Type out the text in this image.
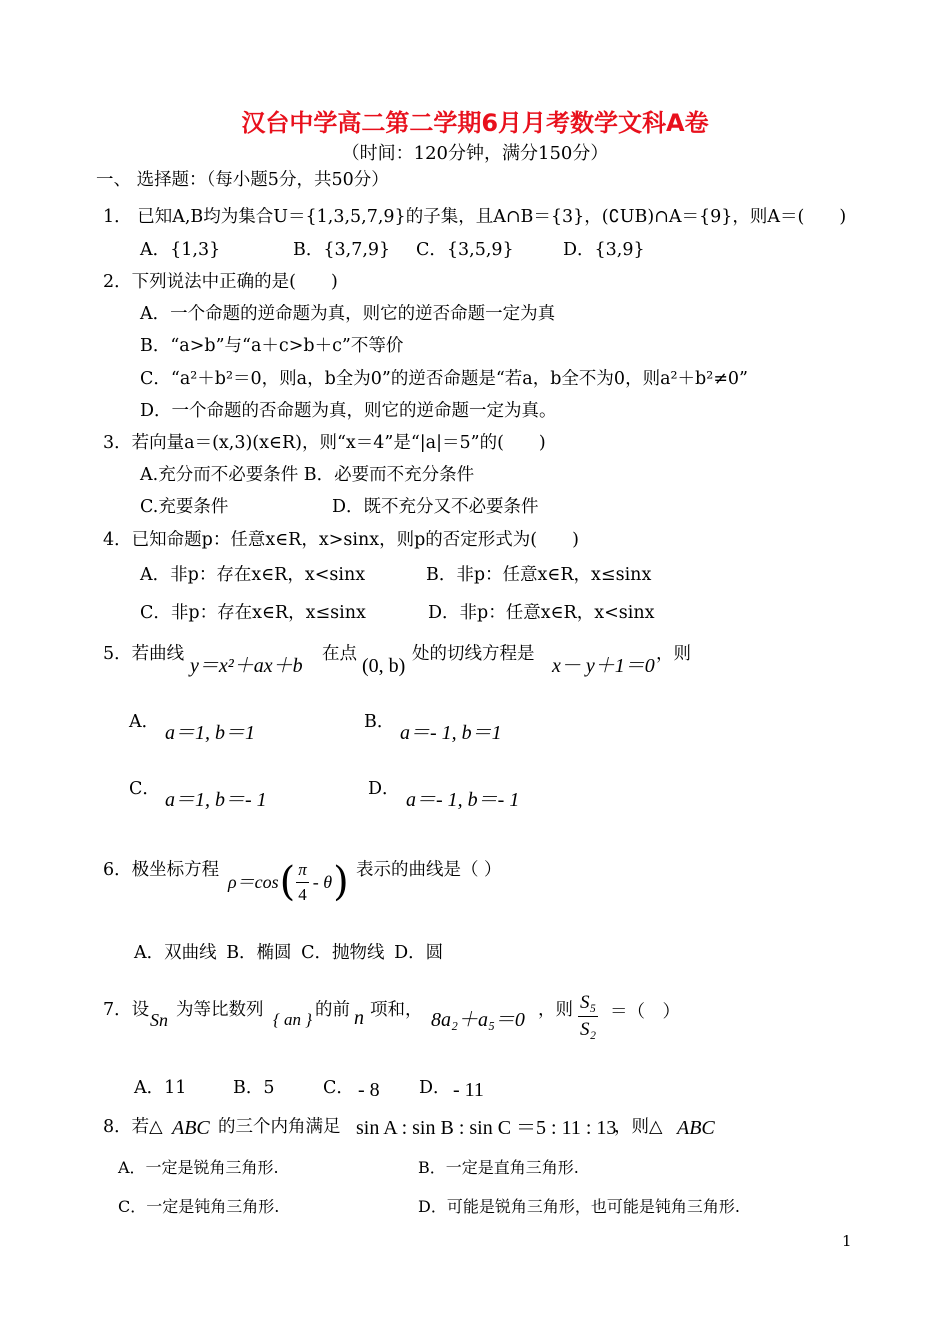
汉台中学高二第二学期6月月考数学文科A卷
（时间：120分钟，满分150分）
一、 选择题：（每小题5分，共50分）
1． 已知A,B均为集合U＝{1,3,5,7,9}的子集，且A∩B＝{3}，(∁UB)∩A＝{9}，则A＝(　　)
A．{1,3}	B．{3,7,9} C．{3,5,9}	D．{3,9}
2．下列说法中正确的是(　　)
A．一个命题的逆命题为真，则它的逆否命题一定为真
B．“a>b”与“a＋c>b＋c”不等价
C．“a²＋b²＝0，则a，b全为0”的逆否命题是“若a，b全不为0，则a²＋b²≠0”
D．一个命题的否命题为真，则它的逆命题一定为真。
3．若向量a＝(x,3)(x∈R)，则“x＝4”是“|a|＝5”的(　　)
A.充分而不必要条件 B．必要而不充分条件
C.充要条件	D．既不充分又不必要条件
4．已知命题p：任意x∈R，x>sinx，则p的否定形式为(　　)
A．非p：存在x∈R，x<sinx	B．非p：任意x∈R，x≤sinx
C．非p：存在x∈R，x≤sinx	D．非p：任意x∈R，x<sinx
5．若曲线
y＝x²＋ax＋b
在点
(0, b)
处的切线方程是
x－ y＋1＝0
，则
A． a＝1, b＝1	B． a＝- 1, b＝1
C． a＝1, b＝- 1	D． a＝- 1, b＝- 1
6．极坐标方程
ρ＝cos ( $\frac{\pi}{4}$ - θ ) 表示的曲线是（ ）
A．双曲线 B．椭圆 C．抛物线 D．圆
7．设 Sn 为等比数列 { an } 的前 n 项和， 8a₂＋a₅＝0 ，则 $\frac{\text{S₅}}{\text{S₂}}$ ＝（　）
A．11	B．5	C． - 8 D． - 11
8．若△ ABC 的三个内角满足 sin A : sin B : sin C ＝5 : 11 : 13
，则△ ABC
A．一定是锐角三角形.	B．一定是直角三角形.
C．一定是钝角三角形.	D．可能是锐角三角形，也可能是钝角三角形.
1
